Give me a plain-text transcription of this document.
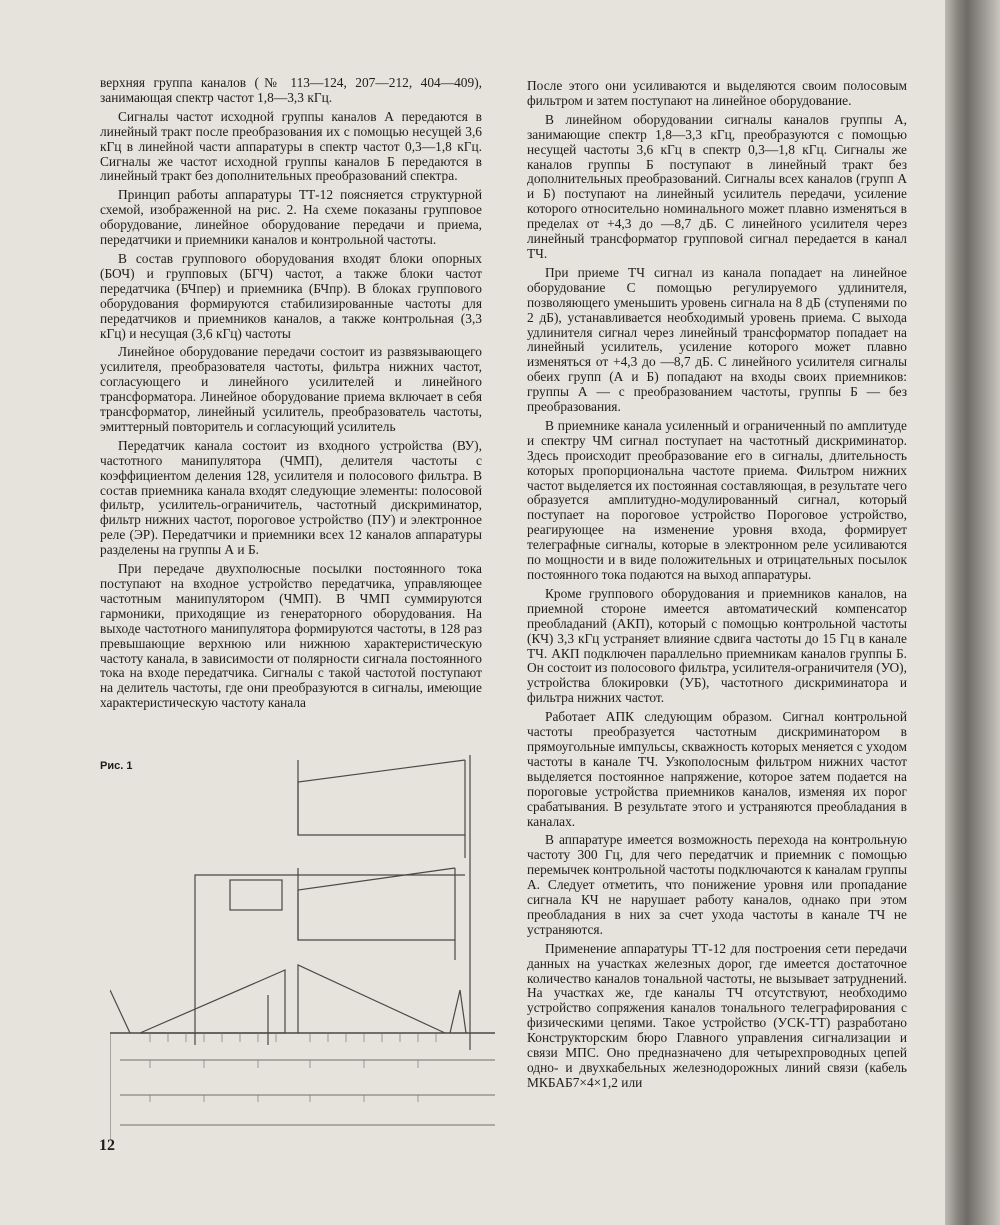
верхняя группа каналов (№ 113—124, 207—212, 404—409), занимающая спектр частот 1,8—3,3 кГц.

Сигналы частот исходной группы каналов А передаются в линейный тракт после преобразования их с помощью несущей 3,6 кГц в линейной части аппаратуры в спектр частот 0,3—1,8 кГц. Сигналы же частот исходной группы каналов Б передаются в линейный тракт без дополнительных преобразований спектра.

Принцип работы аппаратуры ТТ-12 поясняется структурной схемой, изображенной на рис. 2. На схеме показаны групповое оборудование, линейное оборудование передачи и приема, передатчики и приемники каналов и контрольной частоты.

В состав группового оборудования входят блоки опорных (БОЧ) и групповых (БГЧ) частот, а также блоки частот передатчика (БЧпер) и приемника (БЧпр). В блоках группового оборудования формируются стабилизированные частоты для передатчиков и приемников каналов, а также контрольная (3,3 кГц) и несущая (3,6 кГц) частоты

Линейное оборудование передачи состоит из развязывающего усилителя, преобразователя частоты, фильтра нижних частот, согласующего и линейного усилителей и линейного трансформатора. Линейное оборудование приема включает в себя трансформатор, линейный усилитель, преобразователь частоты, эмиттерный повторитель и согласующий усилитель

Передатчик канала состоит из входного устройства (ВУ), частотного манипулятора (ЧМП), делителя частоты с коэффициентом деления 128, усилителя и полосового фильтра. В состав приемника канала входят следующие элементы: полосовой фильтр, усилитель-ограничитель, частотный дискриминатор, фильтр нижних частот, пороговое устройство (ПУ) и электронное реле (ЭР). Передатчики и приемники всех 12 каналов аппаратуры разделены на группы А и Б.

При передаче двухполюсные посылки постоянного тока поступают на входное устройство передатчика, управляющее частотным манипулятором (ЧМП). В ЧМП суммируются гармоники, приходящие из генераторного оборудования. На выходе частотного манипулятора формируются частоты, в 128 раз превышающие верхнюю или нижнюю характеристическую частоту канала, в зависимости от полярности сигнала постоянного тока на входе передатчика. Сигналы с такой частотой поступают на делитель частоты, где они преобразуются в сигналы, имеющие характеристическую частоту канала

После этого они усиливаются и выделяются своим полосовым фильтром и затем поступают на линейное оборудование.

В линейном оборудовании сигналы каналов группы А, занимающие спектр 1,8—3,3 кГц, преобразуются с помощью несущей частоты 3,6 кГц в спектр 0,3—1,8 кГц. Сигналы же каналов группы Б поступают в линейный тракт без дополнительных преобразований. Сигналы всех каналов (групп А и Б) поступают на линейный усилитель передачи, усиление которого относительно номинального может плавно изменяться в пределах от +4,3 до —8,7 дБ. С линейного усилителя через линейный трансформатор групповой сигнал передается в канал ТЧ.

При приеме ТЧ сигнал из канала попадает на линейное оборудование С помощью регулируемого удлинителя, позволяющего уменьшить уровень сигнала на 8 дБ (ступенями по 2 дБ), устанавливается необходимый уровень приема. С выхода удлинителя сигнал через линейный трансформатор попадает на линейный усилитель, усиление которого может плавно изменяться от +4,3 до —8,7 дБ. С линейного усилителя сигналы обеих групп (А и Б) попадают на входы своих приемников: группы А — с преобразованием частоты, группы Б — без преобразования.

В приемнике канала усиленный и ограниченный по амплитуде и спектру ЧМ сигнал поступает на частотный дискриминатор. Здесь происходит преобразование его в сигналы, длительность которых пропорциональна частоте приема. Фильтром нижних частот выделяется их постоянная составляющая, в результате чего образуется амплитудно-модулированный сигнал, который поступает на пороговое устройство Пороговое устройство, реагирующее на изменение уровня входа, формирует телеграфные сигналы, которые в электронном реле усиливаются по мощности и в виде положительных и отрицательных посылок постоянного тока подаются на выход аппаратуры.

Кроме группового оборудования и приемников каналов, на приемной стороне имеется автоматический компенсатор преобладаний (АКП), который с помощью контрольной частоты (КЧ) 3,3 кГц устраняет влияние сдвига частоты до 15 Гц в канале ТЧ. АКП подключен параллельно приемникам каналов группы Б. Он состоит из полосового фильтра, усилителя-ограничителя (УО), устройства блокировки (УБ), частотного дискриминатора и фильтра нижних частот.

Работает АПК следующим образом. Сигнал контрольной частоты преобразуется частотным дискриминатором в прямоугольные импульсы, скважность которых меняется с уходом частоты в канале ТЧ. Узкополосным фильтром нижних частот выделяется постоянное напряжение, которое затем подается на пороговые устройства приемников каналов, изменяя их порог срабатывания. В результате этого и устраняются преобладания в каналах.

В аппаратуре имеется возможность перехода на контрольную частоту 300 Гц, для чего передатчик и приемник с помощью перемычек контрольной частоты подключаются к каналам группы А. Следует отметить, что понижение уровня или пропадание сигнала КЧ не нарушает работу каналов, однако при этом преобладания в них за счет ухода частоты в канале ТЧ не устраняются.

Применение аппаратуры ТТ-12 для построения сети передачи данных на участках железных дорог, где имеется достаточное количество каналов тональной частоты, не вызывает затруднений. На участках же, где каналы ТЧ отсутствуют, необходимо устройство сопряжения каналов тонального телеграфирования с физическими цепями. Такое устройство (УСК-ТТ) разработано Конструкторским бюро Главного управления сигнализации и связи МПС. Оно предназначено для четырехпроводных цепей одно- и двухкабельных железнодорожных линий связи (кабель МКБАБ7×4×1,2 или

Рис. 1
12
